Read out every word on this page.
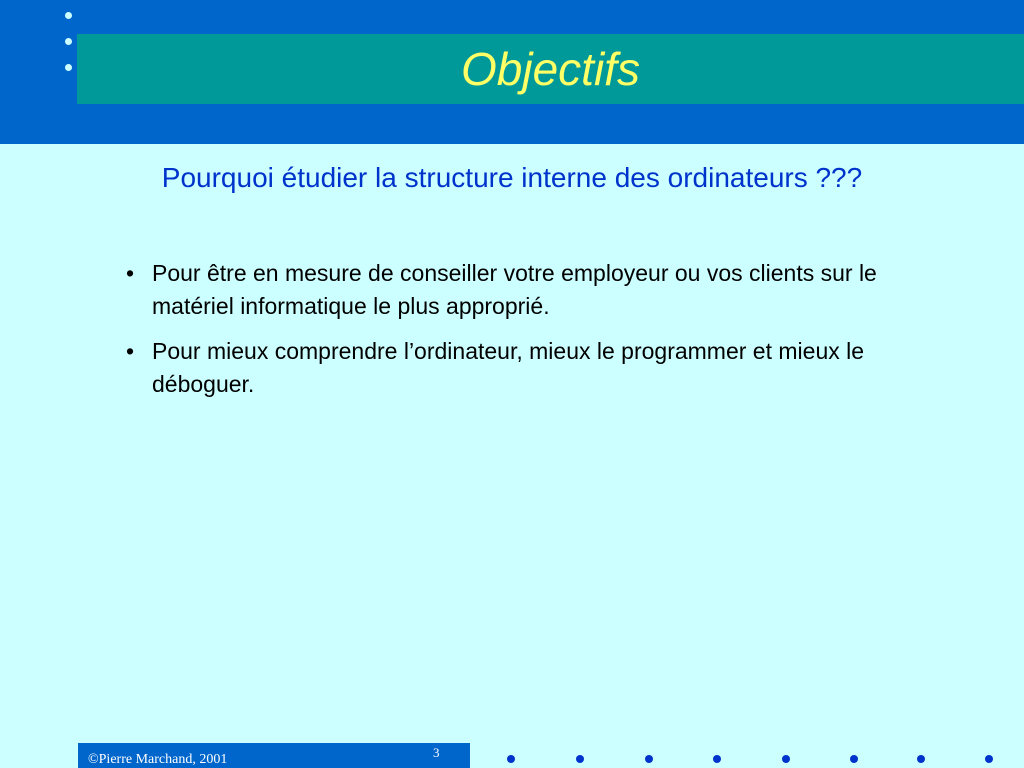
Objectifs
Pourquoi étudier la structure interne des ordinateurs ???
• Pour être en mesure de conseiller votre employeur ou vos clients sur le matériel informatique le plus approprié.
• Pour mieux comprendre l’ordinateur, mieux le programmer et mieux le déboguer.
©Pierre Marchand, 2001	3
